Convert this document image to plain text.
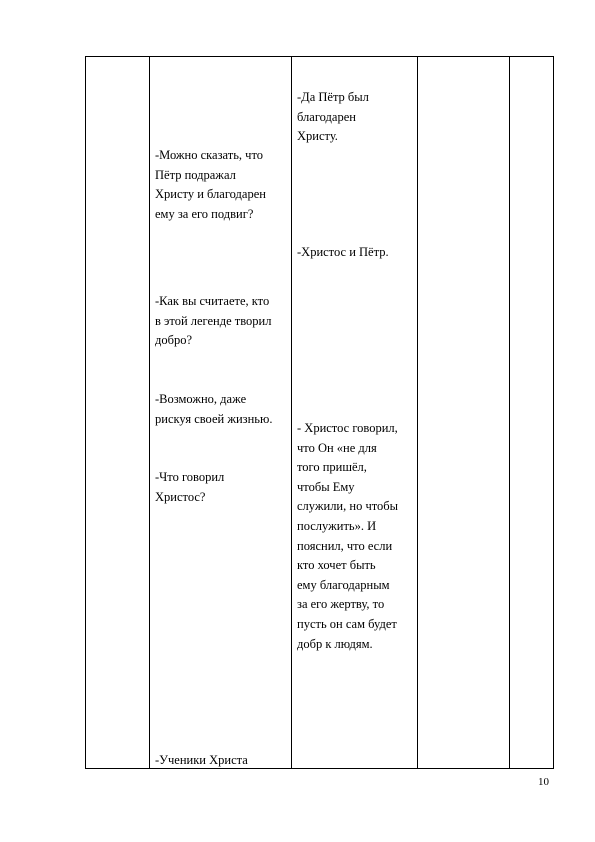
-Можно сказать, что
Пётр подражал
Христу и благодарен
ему за его подвиг?
-Как вы считаете, кто
в этой легенде творил
добро?
-Возможно, даже
рискуя своей жизнью.
-Что говорил
Христос?
-Ученики Христа
-Да Пётр был
благодарен
Христу.
-Христос и Пётр.
- Христос говорил,
что Он «не для
того пришёл,
чтобы Ему
служили, но чтобы
послужить». И
пояснил, что если
кто хочет быть
ему благодарным
за его жертву, то
пусть он сам будет
добр к людям.
10
